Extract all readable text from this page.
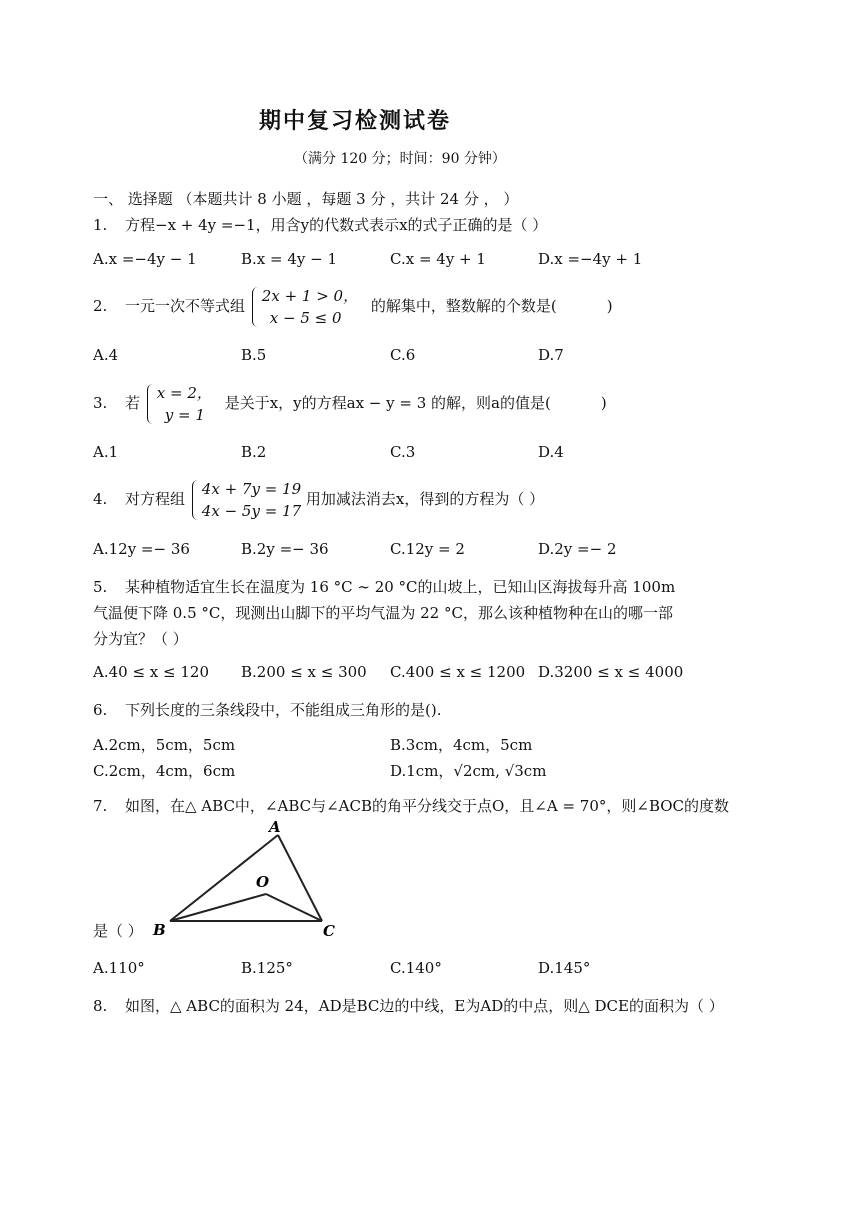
期中复习检测试卷
（满分 120 分；时间：90 分钟）
一、 选择题 （本题共计 8 小题 ，每题 3 分 ，共计 24 分 ， ）
1. 方程−x + 4y =−1，用含y的代数式表示x的式子正确的是（ ）
A.x =−4y − 1	B.x = 4y − 1	C.x = 4y + 1	D.x =−4y + 1
2. 一元一次不等式组
2x + 1 > 0，
x − 5 ≤ 0
的解集中，整数解的个数是(	)
A.4	B.5	C.6	D.7
3. 若
x = 2，
y = 1
是关于x，y的方程ax − y = 3 的解，则a的值是(	)
A.1	B.2	C.3	D.4
4. 对方程组
4x + 7y = 19
4x − 5y = 17
用加减法消去x，得到的方程为（ ）
A.12y =− 36	B.2y =− 36	C.12y = 2	D.2y =− 2
5. 某种植物适宜生长在温度为 16 °C ∼ 20 °C的山坡上，已知山区海拔每升高 100m
气温便下降 0.5 °C，现测出山脚下的平均气温为 22 °C，那么该种植物种在山的哪一部
分为宜？（ ）
A.40 ≤ x ≤ 120 B.200 ≤ x ≤ 300 C.400 ≤ x ≤ 1200 D.3200 ≤ x ≤ 4000
6. 下列长度的三条线段中，不能组成三角形的是().
A.2cm，5cm，5cm	B.3cm，4cm，5cm
C.2cm，4cm，6cm	D.1cm，√2cm, √3cm
7. 如图，在△ ABC中，∠ABC与∠ACB的角平分线交于点O，且∠A = 70°，则∠BOC的度数
A
O
B	C
是（ ）
A.110°	B.125°	C.140°	D.145°
8. 如图，△ ABC的面积为 24，AD是BC边的中线，E为AD的中点，则△ DCE的面积为（ ）
